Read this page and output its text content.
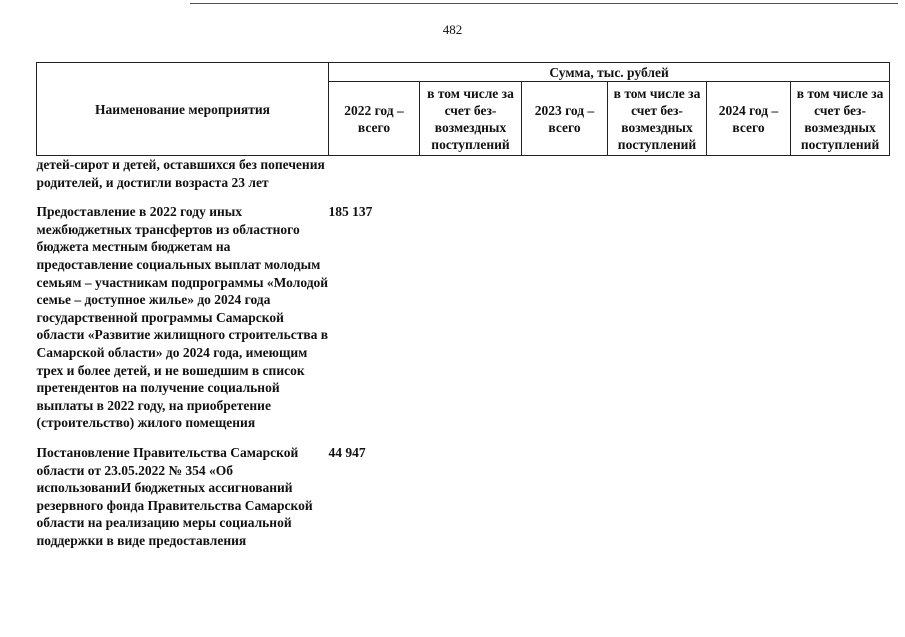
482
Наименование мероприятия	Сумма, тыс. рублей					
	2022 год – всего	в том числе за счет без-возмездных поступлений	2023 год – всего	в том числе за счет без-возмездных поступлений	2024 год – всего	в том числе за счет без-возмездных поступлений
детей-сирот и детей, оставшихся без попечения родителей, и достигли возраста 23 лет						

Предоставление в 2022 году иных межбюджетных трансфертов из областного бюджета местным бюджетам на предоставление социальных выплат молодым семьям – участникам подпрограммы «Молодой семье – доступное жилье» до 2024 года государственной программы Самарской области «Развитие жилищного строительства в Самарской области» до 2024 года, имеющим трех и более детей, и не вошедшим в список претендентов на получение социальной выплаты в 2022 году, на приобретение (строительство) жилого помещения	185 137					

Постановление Правительства Самарской области от 23.05.2022 № 354 «Об использованиИ бюджетных ассигнований резервного фонда Правительства Самарской области на реализацию меры социальной поддержки в виде предоставления	44 947					
